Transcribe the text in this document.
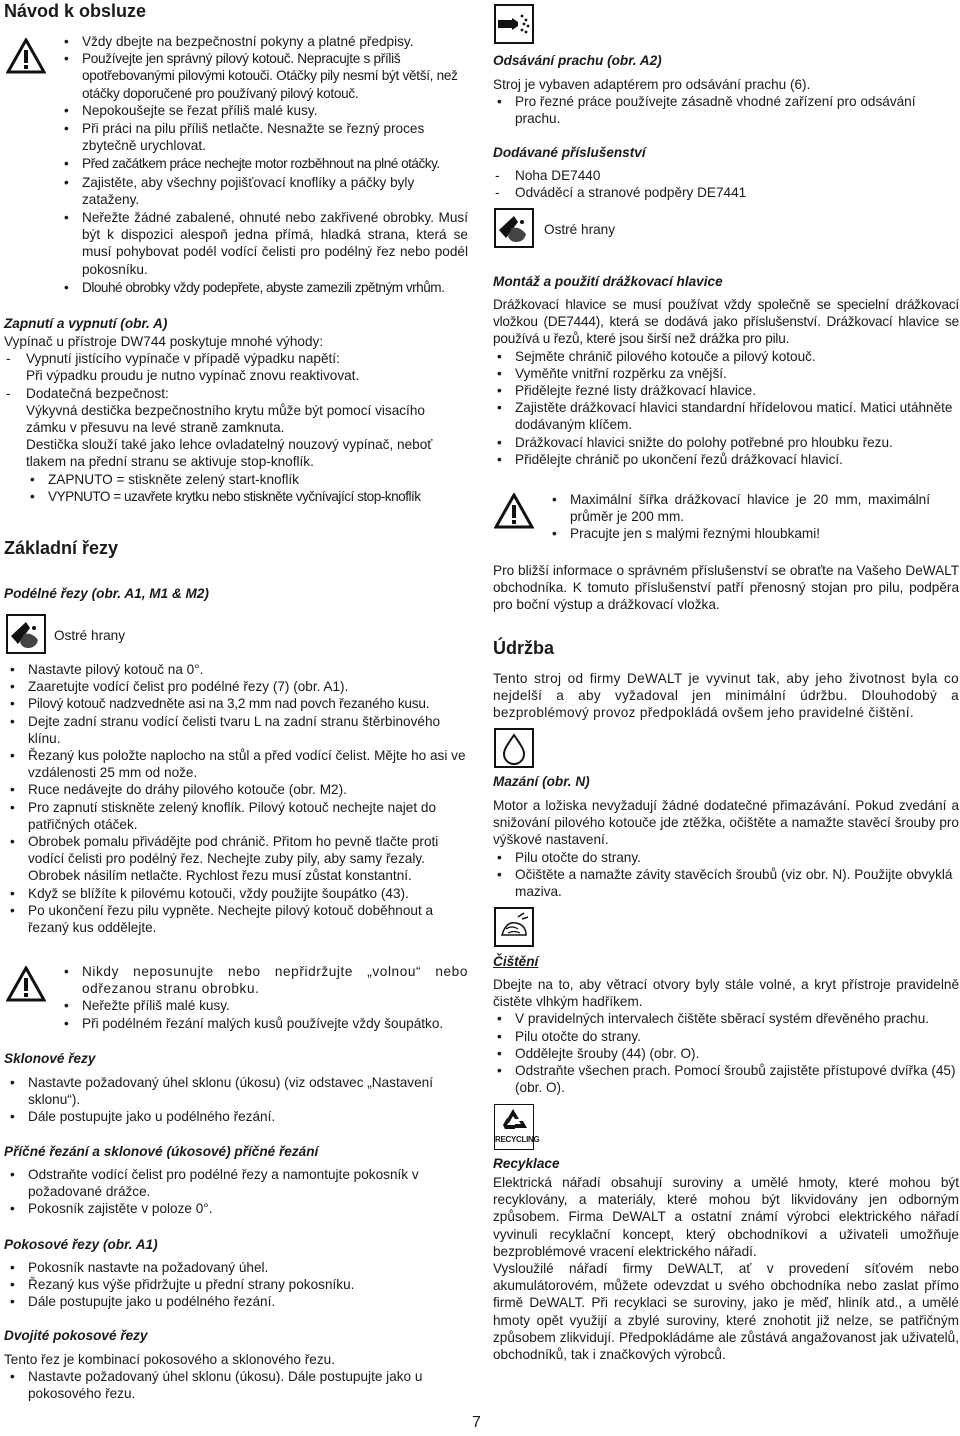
Návod k obsluze
• Vždy dbejte na bezpečnostní pokyny a platné předpisy.
• Používejte jen správný pilový kotouč. Nepracujte s příliš opotřebovanými pilovými kotouči. Otáčky pily nesmí být větší, než otáčky doporučené pro používaný pilový kotouč.
• Nepokoušejte se řezat příliš malé kusy.
• Při práci na pilu příliš netlačte. Nesnažte se řezný proces zbytečně urychlovat.
• Před začátkem práce nechejte motor rozběhnout na plné otáčky.
• Zajistěte, aby všechny pojišťovací knoflíky a páčky byly zataženy.
• Neřežte žádné zabalené, ohnuté nebo zakřivené obrobky. Musí být k dispozici alespoň jedna přímá, hladká strana, která se musí pohybovat podél vodící čelisti pro podélný řez nebo podél pokosníku.
• Dlouhé obrobky vždy podepřete, abyste zamezili zpětným vrhům.
Zapnutí a vypnutí (obr. A)
Vypínač u přístroje DW744 poskytuje mnohé výhody:
- Vypnutí jistícího vypínače v případě výpadku napětí:
Při výpadku proudu je nutno vypínač znovu reaktivovat.
- Dodatečná bezpečnost:
Výkyvná destička bezpečnostního krytu může být pomocí visacího zámku v přesuvu na levé straně zamknuta.
Destička slouží také jako lehce ovladatelný nouzový vypínač, neboť tlakem na přední stranu se aktivuje stop-knoflík.
• ZAPNUTO = stiskněte zelený start-knoflík
• VYPNUTO = uzavřete krytku nebo stiskněte vyčnívající stop-knoflík
Základní řezy
Podélné řezy (obr. A1, M1 & M2)
Ostré hrany
• Nastavte pilový kotouč na 0°.
• Zaaretujte vodící čelist pro podélné řezy (7) (obr. A1).
• Pilový kotouč nadzvedněte asi na 3,2 mm nad povch řezaného kusu.
• Dejte zadní stranu vodící čelisti tvaru L na zadní stranu štěrbinového klínu.
• Řezaný kus položte naplocho na stůl a před vodící čelist. Mějte ho asi ve vzdálenosti 25 mm od nože.
• Ruce nedávejte do dráhy pilového kotouče (obr. M2).
• Pro zapnutí stiskněte zelený knoflík. Pilový kotouč nechejte najet do patřičných otáček.
• Obrobek pomalu přivádějte pod chránič. Přitom ho pevně tlačte proti vodící čelisti pro podélný řez. Nechejte zuby pily, aby samy řezaly. Obrobek násilím netlačte. Rychlost řezu musí zůstat konstantní.
• Když se blížíte k pilovému kotouči, vždy použijte šoupátko (43).
• Po ukončení řezu pilu vypněte. Nechejte pilový kotouč doběhnout a řezaný kus oddělejte.
• Nikdy neposunujte nebo nepřidržujte „volnou“ nebo odřezanou stranu obrobku.
• Neřežte příliš malé kusy.
• Při podélném řezání malých kusů používejte vždy šoupátko.
Sklonové řezy
• Nastavte požadovaný úhel sklonu (úkosu) (viz odstavec „Nastavení sklonu“).
• Dále postupujte jako u podélného řezání.
Příčné řezání a sklonové (úkosové) příčné řezání
• Odstraňte vodící čelist pro podélné řezy a namontujte pokosník v požadované drážce.
• Pokosník zajistěte v poloze 0°.
Pokosové řezy (obr. A1)
• Pokosník nastavte na požadovaný úhel.
• Řezaný kus výše přidržujte u přední strany pokosníku.
• Dále postupujte jako u podélného řezání.
Dvojité pokosové řezy
Tento řez je kombinací pokosového a sklonového řezu.
• Nastavte požadovaný úhel sklonu (úkosu). Dále postupujte jako u pokosového řezu.
7
Odsávání prachu (obr. A2)
Stroj je vybaven adaptérem pro odsávání prachu (6).
• Pro řezné práce používejte zásadně vhodné zařízení pro odsávání prachu.
Dodávané příslušenství
- Noha DE7440
- Odváděcí a stranové podpěry DE7441
Ostré hrany
Montáž a použití drážkovací hlavice
Drážkovací hlavice se musí používat vždy společně se specielní drážkovací vložkou (DE7444), která se dodává jako příslušenství. Drážkovací hlavice se používá u řezů, které jsou širší než drážka pro pilu.
• Sejměte chránič pilového kotouče a pilový kotouč.
• Vyměňte vnitřní rozpěrku za vnější.
• Přidělejte řezné listy drážkovací hlavice.
• Zajistěte drážkovací hlavici standardní hřídelovou maticí. Matici utáhněte dodávaným klíčem.
• Drážkovací hlavici snižte do polohy potřebné pro hloubku řezu.
• Přidělejte chránič po ukončení řezů drážkovací hlavicí.
• Maximální šířka drážkovací hlavice je 20 mm, maximální průměr je 200 mm.
• Pracujte jen s malými řeznými hloubkami!
Pro bližší informace o správném příslušenství se obraťte na Vašeho DeWALT obchodníka. K tomuto příslušenství patří přenosný stojan pro pilu, podpěra pro boční výstup a drážkovací vložka.
Údržba
Tento stroj od firmy DeWALT je vyvinut tak, aby jeho životnost byla co nejdelší a aby vyžadoval jen minimální údržbu. Dlouhodobý a bezproblémový provoz předpokládá ovšem jeho pravidelné čištění.
Mazání (obr. N)
Motor a ložiska nevyžadují žádné dodatečné přimazávání. Pokud zvedání a snižování pilového kotouče jde ztěžka, očištěte a namažte stavěcí šrouby pro výškové nastavení.
• Pilu otočte do strany.
• Očištěte a namažte závity stavěcích šroubů (viz obr. N). Použijte obvyklá maziva.
Čištění
Dbejte na to, aby větrací otvory byly stále volné, a kryt přístroje pravidelně čistěte vlhkým hadříkem.
• V pravidelných intervalech čištěte sběrací systém dřevěného prachu.
• Pilu otočte do strany.
• Oddělejte šrouby (44) (obr. O).
• Odstraňte všechen prach. Pomocí šroubů zajistěte přístupové dvířka (45) (obr. O).
RECYCLING
Recyklace
Elektrická nářadí obsahují suroviny a umělé hmoty, které mohou být recyklovány, a materiály, které mohou být likvidovány jen odborným způsobem. Firma DeWALT a ostatní známí výrobci elektrického nářadí vyvinuli recyklační koncept, který obchodníkovi a uživateli umožňuje bezproblémové vracení elektrického nářadí.
Vysloužilé nářadí firmy DeWALT, ať v provedení síťovém nebo akumulátorovém, můžete odevzdat u svého obchodníka nebo zaslat přímo firmě DeWALT. Při recyklaci se suroviny, jako je měď, hliník atd., a umělé hmoty opět využijí a zbylé suroviny, které znohotit již nelze, se patřičným způsobem zlikvidují. Předpokládáme ale zůstává angažovanost jak uživatelů, obchodníků, tak i značkových výrobců.
